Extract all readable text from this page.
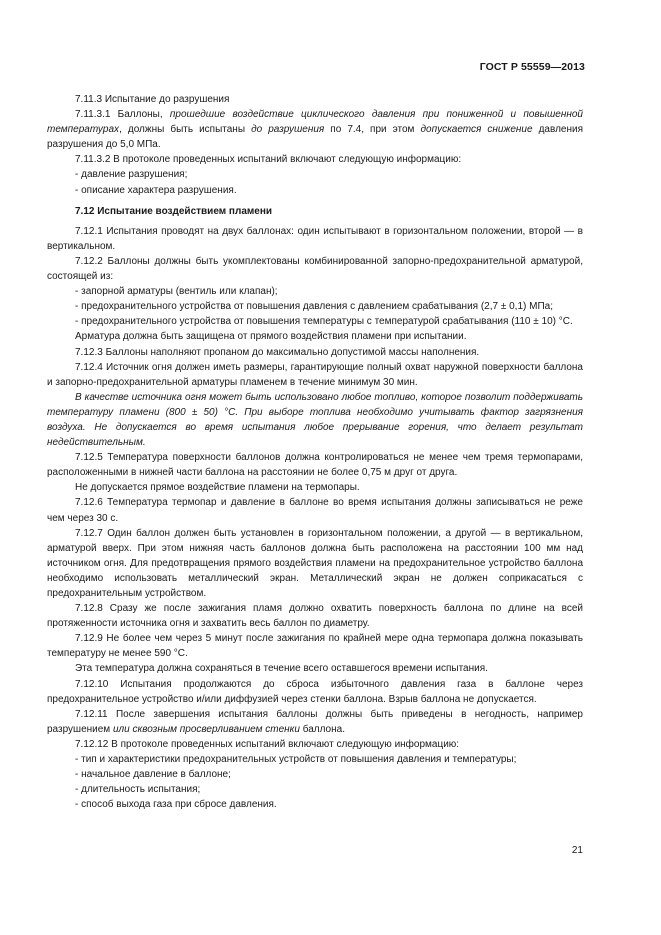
ГОСТ Р 55559—2013

7.11.3 Испытание до разрушения

7.11.3.1 Баллоны, прошедшие воздействие циклического давления при пониженной и повышенной температурах, должны быть испытаны до разрушения по 7.4, при этом допускается снижение давления разрушения до 5,0 МПа.

7.11.3.2 В протоколе проведенных испытаний включают следующую информацию:

- давление разрушения;

- описание характера разрушения.

7.12 Испытание воздействием пламени

7.12.1 Испытания проводят на двух баллонах: один испытывают в горизонтальном положении, второй — в вертикальном.

7.12.2 Баллоны должны быть укомплектованы комбинированной запорно-предохранительной арматурой, состоящей из:

- запорной арматуры (вентиль или клапан);

- предохранительного устройства от повышения давления с давлением срабатывания (2,7 ± 0,1) МПа;

- предохранительного устройства от повышения температуры с температурой срабатывания (110 ± 10) °С.

Арматура должна быть защищена от прямого воздействия пламени при испытании.

7.12.3 Баллоны наполняют пропаном до максимально допустимой массы наполнения.

7.12.4 Источник огня должен иметь размеры, гарантирующие полный охват наружной поверхности баллона и запорно-предохранительной арматуры пламенем в течение минимум 30 мин.

В качестве источника огня может быть использовано любое топливо, которое позволит поддерживать температуру пламени (800 ± 50) °С. При выборе топлива необходимо учитывать фактор загрязнения воздуха. Не допускается во время испытания любое прерывание горения, что делает результат недействительным.

7.12.5 Температура поверхности баллонов должна контролироваться не менее чем тремя термопарами, расположенными в нижней части баллона на расстоянии не более 0,75 м друг от друга.

Не допускается прямое воздействие пламени на термопары.

7.12.6 Температура термопар и давление в баллоне во время испытания должны записываться не реже чем через 30 с.

7.12.7 Один баллон должен быть установлен в горизонтальном положении, а другой — в вертикальном, арматурой вверх. При этом нижняя часть баллонов должна быть расположена на расстоянии 100 мм над источником огня. Для предотвращения прямого воздействия пламени на предохранительное устройство баллона необходимо использовать металлический экран. Металлический экран не должен соприкасаться с предохранительным устройством.

7.12.8 Сразу же после зажигания пламя должно охватить поверхность баллона по длине на всей протяженности источника огня и захватить весь баллон по диаметру.

7.12.9 Не более чем через 5 минут после зажигания по крайней мере одна термопара должна показывать температуру не менее 590 °С.

Эта температура должна сохраняться в течение всего оставшегося времени испытания.

7.12.10 Испытания продолжаются до сброса избыточного давления газа в баллоне через предохранительное устройство и/или диффузией через стенки баллона. Взрыв баллона не допускается.

7.12.11 После завершения испытания баллоны должны быть приведены в негодность, например разрушением или сквозным просверливанием стенки баллона.

7.12.12 В протоколе проведенных испытаний включают следующую информацию:

- тип и характеристики предохранительных устройств от повышения давления и температуры;

- начальное давление в баллоне;

- длительность испытания;

- способ выхода газа при сбросе давления.

21
